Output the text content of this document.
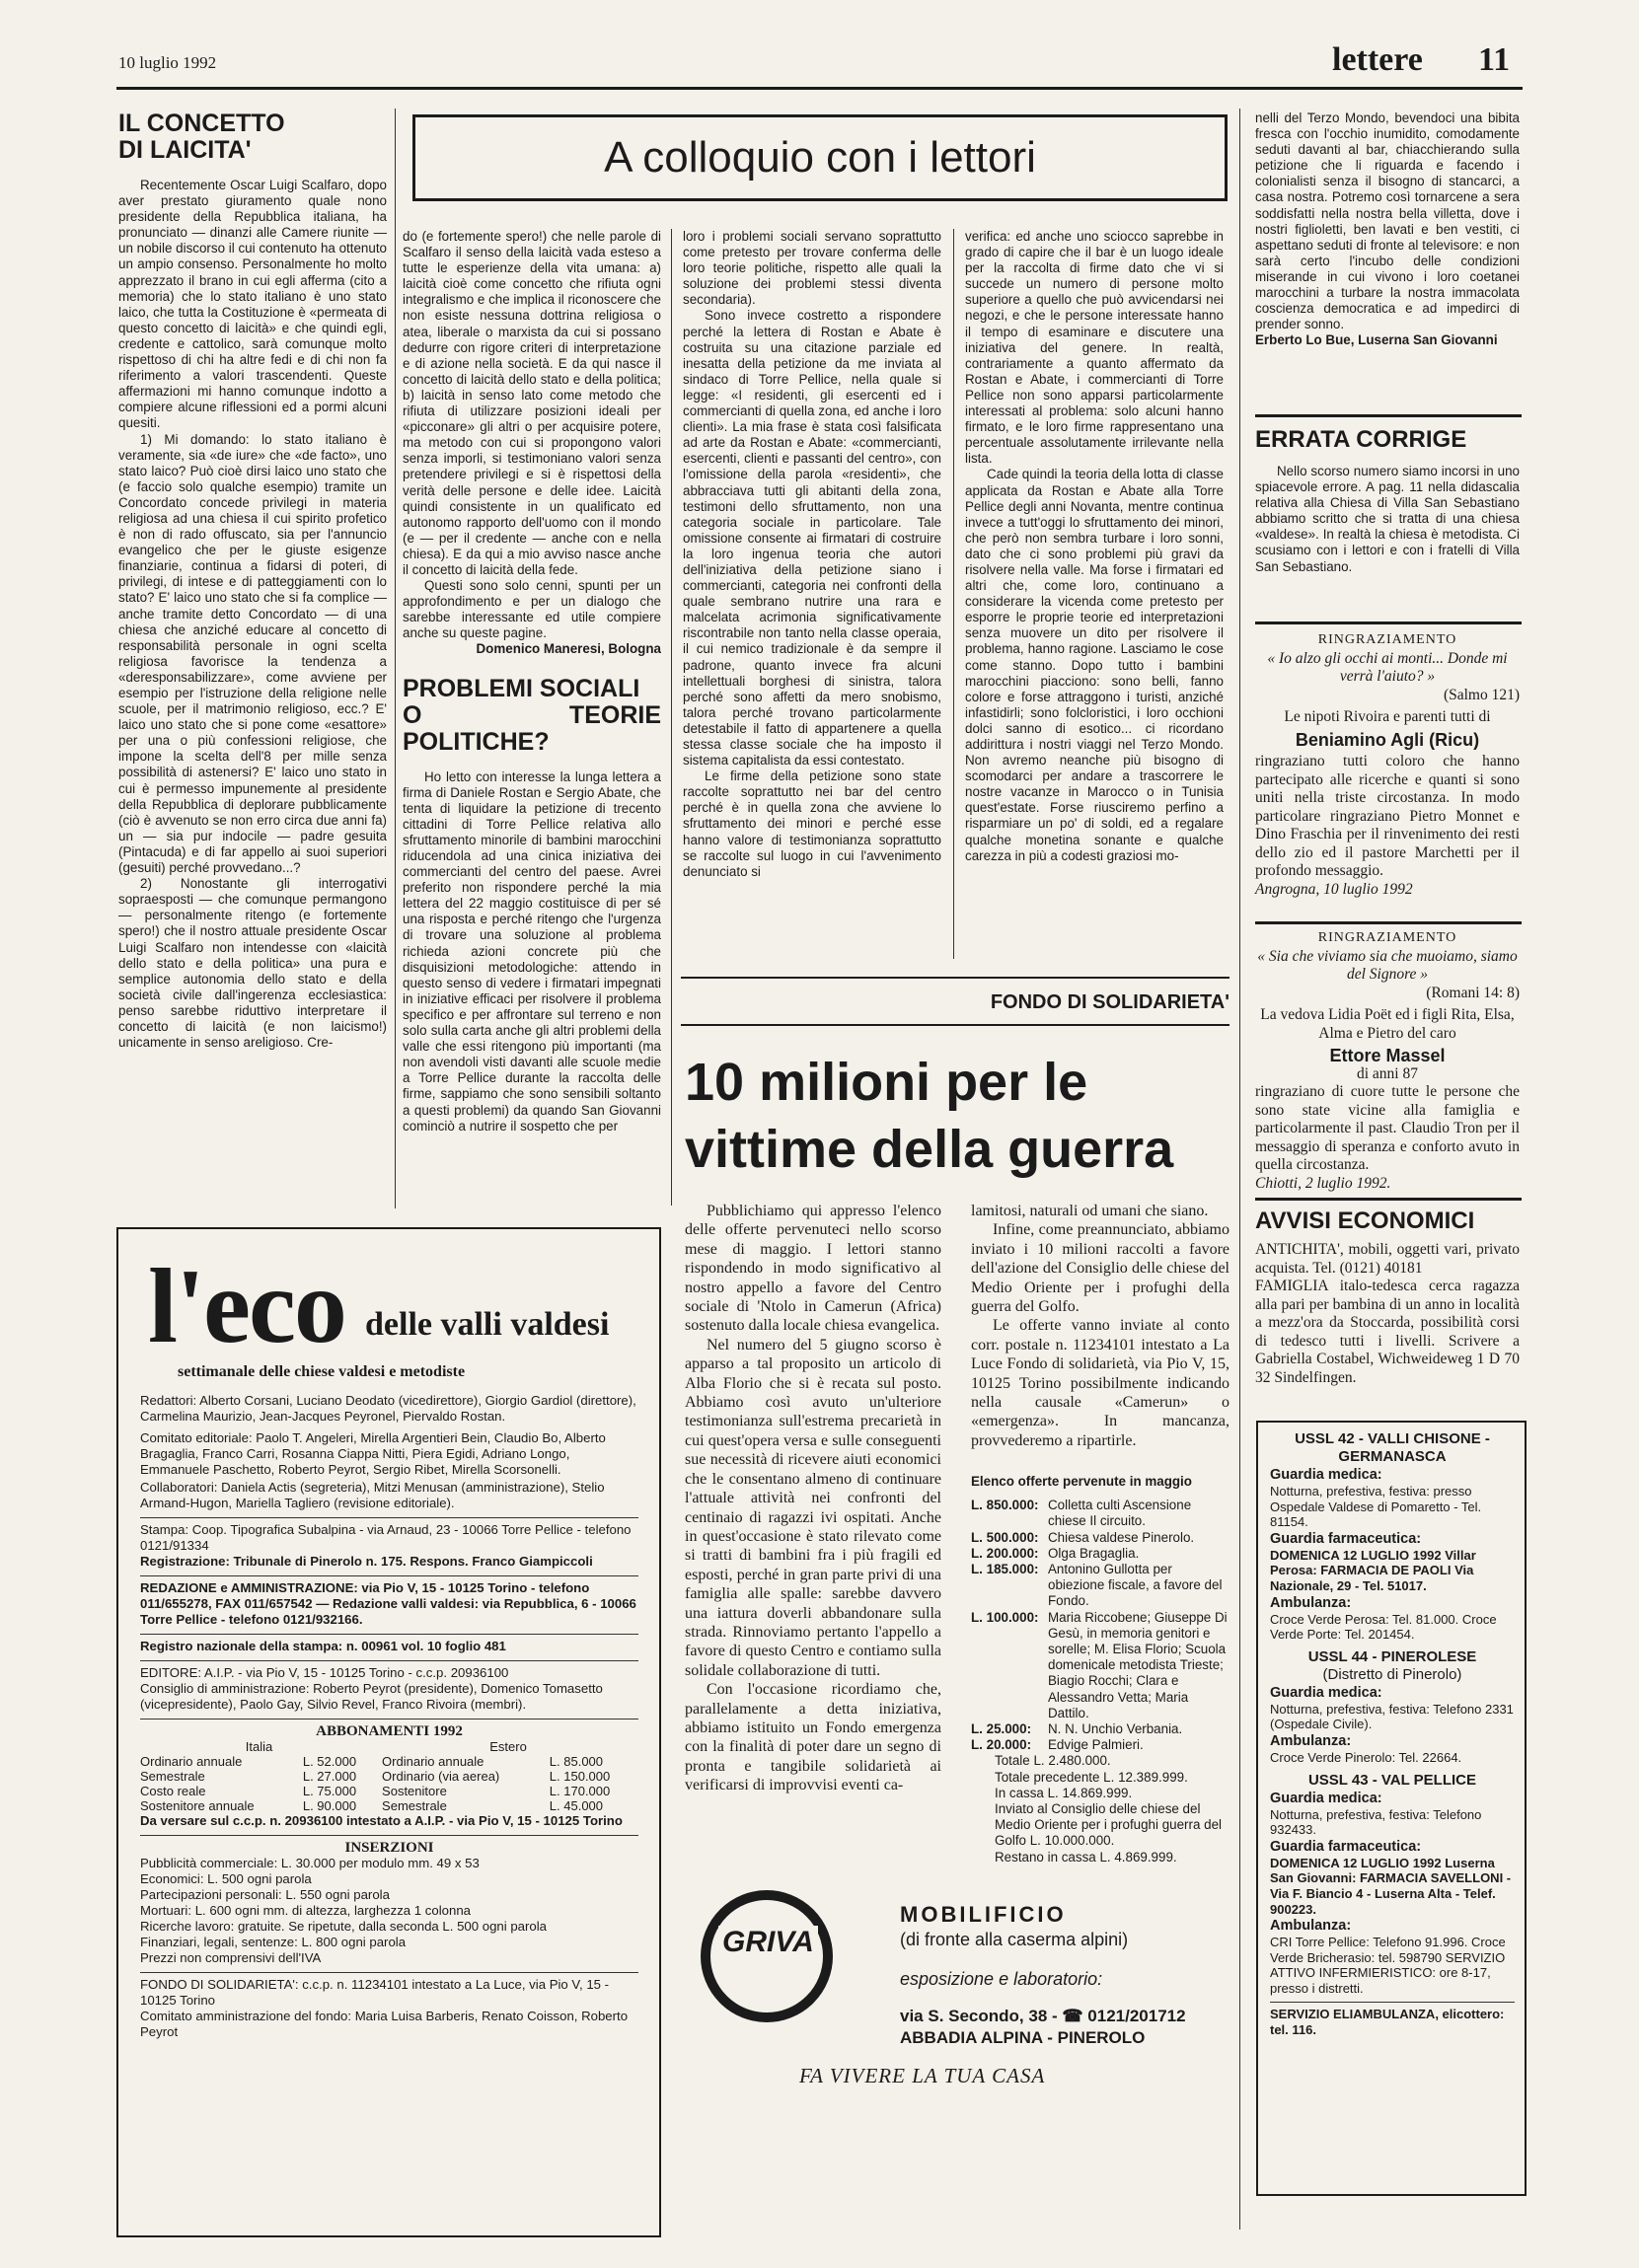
10 luglio 1992	lettere 11
A colloquio con i lettori
IL CONCETTO
DI LAICITA'

Recentemente Oscar Luigi Scalfaro, dopo aver prestato giuramento quale nono presidente della Repubblica italiana, ha pronunciato — dinanzi alle Camere riunite — un nobile discorso il cui contenuto ha ottenuto un ampio consenso. Personalmente ho molto apprezzato il brano in cui egli afferma (cito a memoria) che lo stato italiano è uno stato laico, che tutta la Costituzione è «permeata di questo concetto di laicità» e che quindi egli, credente e cattolico, sarà comunque molto rispettoso di chi ha altre fedi e di chi non fa riferimento a valori trascendenti. Queste affermazioni mi hanno comunque indotto a compiere alcune riflessioni ed a pormi alcuni quesiti.

1) Mi domando: lo stato italiano è veramente, sia «de iure» che «de facto», uno stato laico? Può cioè dirsi laico uno stato che (e faccio solo qualche esempio) tramite un Concordato concede privilegi in materia religiosa ad una chiesa il cui spirito profetico è non di rado offuscato, sia per l'annuncio evangelico che per le giuste esigenze finanziarie, continua a fidarsi di poteri, di privilegi, di intese e di patteggiamenti con lo stato? E' laico uno stato che si fa complice — anche tramite detto Concordato — di una chiesa che anziché educare al concetto di responsabilità personale in ogni scelta religiosa favorisce la tendenza a «deresponsabilizzare», come avviene per esempio per l'istruzione della religione nelle scuole, per il matrimonio religioso, ecc.? E' laico uno stato che si pone come «esattore» per una o più confessioni religiose, che impone la scelta dell'8 per mille senza possibilità di astenersi? E' laico uno stato in cui è permesso impunemente al presidente della Repubblica di deplorare pubblicamente (ciò è avvenuto se non erro circa due anni fa) un — sia pur indocile — padre gesuita (Pintacuda) e di far appello ai suoi superiori (gesuiti) perché provvedano...?

2) Nonostante gli interrogativi sopraesposti — che comunque permangono — personalmente ritengo (e fortemente spero!) che il nostro attuale presidente Oscar Luigi Scalfaro non intendesse con «laicità dello stato e della politica» una pura e semplice autonomia dello stato e della società civile dall'ingerenza ecclesiastica: penso sarebbe riduttivo interpretare il concetto di laicità (e non laicismo!) unicamente in senso areligioso. Cre-

do (e fortemente spero!) che nelle parole di Scalfaro il senso della laicità vada esteso a tutte le esperienze della vita umana: a) laicità cioè come concetto che rifiuta ogni integralismo e che implica il riconoscere che non esiste nessuna dottrina religiosa o atea, liberale o marxista da cui si possano dedurre con rigore criteri di interpretazione e di azione nella società. E da qui nasce il concetto di laicità dello stato e della politica; b) laicità in senso lato come metodo che rifiuta di utilizzare posizioni ideali per «picconare» gli altri o per acquisire potere, ma metodo con cui si propongono valori senza imporli, si testimoniano valori senza pretendere privilegi e si è rispettosi della verità delle persone e delle idee. Laicità quindi consistente in un qualificato ed autonomo rapporto dell'uomo con il mondo (e — per il credente — anche con e nella chiesa). E da qui a mio avviso nasce anche il concetto di laicità della fede.

Questi sono solo cenni, spunti per un approfondimento e per un dialogo che sarebbe interessante ed utile compiere anche su queste pagine.

Domenico Maneresi, Bologna

PROBLEMI SOCIALI
O TEORIE POLITICHE?

Ho letto con interesse la lunga lettera a firma di Daniele Rostan e Sergio Abate, che tenta di liquidare la petizione di trecento cittadini di Torre Pellice relativa allo sfruttamento minorile di bambini marocchini riducendola ad una cinica iniziativa dei commercianti del centro del paese. Avrei preferito non rispondere perché la mia lettera del 22 maggio costituisce di per sé una risposta e perché ritengo che l'urgenza di trovare una soluzione al problema richieda azioni concrete più che disquisizioni metodologiche: attendo in questo senso di vedere i firmatari impegnati in iniziative efficaci per risolvere il problema specifico e per affrontare sul terreno e non solo sulla carta anche gli altri problemi della valle che essi ritengono più importanti (ma non avendoli visti davanti alle scuole medie a Torre Pellice durante la raccolta delle firme, sappiamo che sono sensibili soltanto a questi problemi) da quando San Giovanni cominciò a nutrire il sospetto che per

loro i problemi sociali servano soprattutto come pretesto per trovare conferma delle loro teorie politiche, rispetto alle quali la soluzione dei problemi stessi diventa secondaria).

Sono invece costretto a rispondere perché la lettera di Rostan e Abate è costruita su una citazione parziale ed inesatta della petizione da me inviata al sindaco di Torre Pellice, nella quale si legge: «I residenti, gli esercenti ed i commercianti di quella zona, ed anche i loro clienti». La mia frase è stata così falsificata ad arte da Rostan e Abate: «commercianti, esercenti, clienti e passanti del centro», con l'omissione della parola «residenti», che abbracciava tutti gli abitanti della zona, testimoni dello sfruttamento, non una categoria sociale in particolare. Tale omissione consente ai firmatari di costruire la loro ingenua teoria che autori dell'iniziativa della petizione siano i commercianti, categoria nei confronti della quale sembrano nutrire una rara e malcelata acrimonia significativamente riscontrabile non tanto nella classe operaia, il cui nemico tradizionale è da sempre il padrone, quanto invece fra alcuni intellettuali borghesi di sinistra, talora perché sono affetti da mero snobismo, talora perché trovano particolarmente detestabile il fatto di appartenere a quella stessa classe sociale che ha imposto il sistema capitalista da essi contestato.

Le firme della petizione sono state raccolte soprattutto nei bar del centro perché è in quella zona che avviene lo sfruttamento dei minori e perché esse hanno valore di testimonianza soprattutto se raccolte sul luogo in cui l'avvenimento denunciato si

verifica: ed anche uno sciocco saprebbe in grado di capire che il bar è un luogo ideale per la raccolta di firme dato che vi si succede un numero di persone molto superiore a quello che può avvicendarsi nei negozi, e che le persone interessate hanno il tempo di esaminare e discutere una iniziativa del genere. In realtà, contrariamente a quanto affermato da Rostan e Abate, i commercianti di Torre Pellice non sono apparsi particolarmente interessati al problema: solo alcuni hanno firmato, e le loro firme rappresentano una percentuale assolutamente irrilevante nella lista.

Cade quindi la teoria della lotta di classe applicata da Rostan e Abate alla Torre Pellice degli anni Novanta, mentre continua invece a tutt'oggi lo sfruttamento dei minori, che però non sembra turbare i loro sonni, dato che ci sono problemi più gravi da risolvere nella valle. Ma forse i firmatari ed altri che, come loro, continuano a considerare la vicenda come pretesto per esporre le proprie teorie ed interpretazioni senza muovere un dito per risolvere il problema, hanno ragione. Lasciamo le cose come stanno. Dopo tutto i bambini marocchini piacciono: sono belli, fanno colore e forse attraggono i turisti, anziché infastidirli; sono folcloristici, i loro occhioni dolci sanno di esotico... ci ricordano addirittura i nostri viaggi nel Terzo Mondo. Non avremo neanche più bisogno di scomodarci per andare a trascorrere le nostre vacanze in Marocco o in Tunisia quest'estate. Forse riusciremo perfino a risparmiare un po' di soldi, ed a regalare qualche monetina sonante e qualche carezza in più a codesti graziosi mo-

FONDO DI SOLIDARIETA'
10 milioni per le
vittime della guerra

Pubblichiamo qui appresso l'elenco delle offerte pervenuteci nello scorso mese di maggio. I lettori stanno rispondendo in modo significativo al nostro appello a favore del Centro sociale di 'Ntolo in Camerun (Africa) sostenuto dalla locale chiesa evangelica.

Nel numero del 5 giugno scorso è apparso a tal proposito un articolo di Alba Florio che si è recata sul posto. Abbiamo così avuto un'ulteriore testimonianza sull'estrema precarietà in cui quest'opera versa e sulle conseguenti sue necessità di ricevere aiuti economici che le consentano almeno di continuare l'attuale attività nei confronti del centinaio di ragazzi ivi ospitati. Anche in quest'occasione è stato rilevato come si tratti di bambini fra i più fragili ed esposti, perché in gran parte privi di una famiglia alle spalle: sarebbe davvero una iattura doverli abbandonare sulla strada. Rinnoviamo pertanto l'appello a favore di questo Centro e contiamo sulla solidale collaborazione di tutti.

Con l'occasione ricordiamo che, parallelamente a detta iniziativa, abbiamo istituito un Fondo emergenza con la finalità di poter dare un segno di pronta e tangibile solidarietà ai verificarsi di improvvisi eventi ca-

lamitosi, naturali od umani che siano.

Infine, come preannunciato, abbiamo inviato i 10 milioni raccolti a favore dell'azione del Consiglio delle chiese del Medio Oriente per i profughi della guerra del Golfo.

Le offerte vanno inviate al conto corr. postale n. 11234101 intestato a La Luce Fondo di solidarietà, via Pio V, 15, 10125 Torino possibilmente indicando nella causale «Camerun» o «emergenza». In mancanza, provvederemo a ripartirle.

Elenco offerte pervenute in maggio
L. 850.000: Colletta culti Ascensione chiese Il circuito.
L. 500.000: Chiesa valdese Pinerolo.
L. 200.000: Olga Bragaglia.
L. 185.000: Antonino Gullotta per obiezione fiscale, a favore del Fondo.
L. 100.000: Maria Riccobene; Giuseppe Di Gesù, in memoria genitori e sorelle; M. Elisa Florio; Scuola domenicale metodista Trieste; Biagio Rocchi; Clara e Alessandro Vetta; Maria Dattilo.
L. 25.000:	N. N. Unchio Verbania.
L. 20.000:	Edvige Palmieri.
Totale L. 2.480.000.
Totale precedente L. 12.389.999.
In cassa L. 14.869.999.
Inviato al Consiglio delle chiese del Medio Oriente per i profughi guerra del Golfo L. 10.000.000.
Restano in cassa L. 4.869.999.
l'eco delle valli valdesi
settimanale delle chiese valdesi e metodiste
Redattori: Alberto Corsani, Luciano Deodato (vicedirettore), Giorgio Gardiol (direttore), Carmelina Maurizio, Jean-Jacques Peyronel, Piervaldo Rostan.
Comitato editoriale: Paolo T. Angeleri, Mirella Argentieri Bein, Claudio Bo, Alberto Bragaglia, Franco Carri, Rosanna Ciappa Nitti, Piera Egidi, Adriano Longo, Emmanuele Paschetto, Roberto Peyrot, Sergio Ribet, Mirella Scorsonelli.
Collaboratori: Daniela Actis (segreteria), Mitzi Menusan (amministrazione), Stelio Armand-Hugon, Mariella Tagliero (revisione editoriale).
Stampa: Coop. Tipografica Subalpina - via Arnaud, 23 - 10066 Torre Pellice - telefono 0121/91334
Registrazione: Tribunale di Pinerolo n. 175. Respons. Franco Giampiccoli
REDAZIONE e AMMINISTRAZIONE: via Pio V, 15 - 10125 Torino - telefono 011/655278, FAX 011/657542 — Redazione valli valdesi: via Repubblica, 6 - 10066 Torre Pellice - telefono 0121/932166.
Registro nazionale della stampa: n. 00961 vol. 10 foglio 481
EDITORE: A.I.P. - via Pio V, 15 - 10125 Torino - c.c.p. 20936100
Consiglio di amministrazione: Roberto Peyrot (presidente), Domenico Tomasetto (vicepresidente), Paolo Gay, Silvio Revel, Franco Rivoira (membri).
ABBONAMENTI 1992
Italia		Estero	
Ordinario annuale	L. 52.000	Ordinario annuale	L. 85.000
Semestrale	L. 27.000	Ordinario (via aerea)	L. 150.000
Costo reale	L. 75.000	Sostenitore	L. 170.000
Sostenitore annuale	L. 90.000	Semestrale	L. 45.000
Da versare sul c.c.p. n. 20936100 intestato a A.I.P. - via Pio V, 15 - 10125 Torino
INSERZIONI
Pubblicità commerciale: L. 30.000 per modulo mm. 49 x 53
Economici: L. 500 ogni parola
Partecipazioni personali: L. 550 ogni parola
Mortuari: L. 600 ogni mm. di altezza, larghezza 1 colonna
Ricerche lavoro: gratuite. Se ripetute, dalla seconda L. 500 ogni parola
Finanziari, legali, sentenze: L. 800 ogni parola
Prezzi non comprensivi dell'IVA
FONDO DI SOLIDARIETA': c.c.p. n. 11234101 intestato a La Luce, via Pio V, 15 - 10125 Torino
Comitato amministrazione del fondo: Maria Luisa Barberis, Renato Coisson, Roberto Peyrot
GRIVA
MOBILIFICIO
(di fronte alla caserma alpini)
esposizione e laboratorio:
via S. Secondo, 38 - ☎ 0121/201712
ABBADIA ALPINA - PINEROLO
FA VIVERE LA TUA CASA

nelli del Terzo Mondo, bevendoci una bibita fresca con l'occhio inumidito, comodamente seduti davanti al bar, chiacchierando sulla petizione che li riguarda e facendo i colonialisti senza il bisogno di stancarci, a casa nostra. Potremo così tornarcene a sera soddisfatti nella nostra bella villetta, dove i nostri figlioletti, ben lavati e ben vestiti, ci aspettano seduti di fronte al televisore: e non sarà certo l'incubo delle condizioni miserande in cui vivono i loro coetanei marocchini a turbare la nostra immacolata coscienza democratica e ad impedirci di prender sonno.

Erberto Lo Bue, Luserna San Giovanni

ERRATA CORRIGE

Nello scorso numero siamo incorsi in uno spiacevole errore. A pag. 11 nella didascalia relativa alla Chiesa di Villa San Sebastiano abbiamo scritto che si tratta di una chiesa «valdese». In realtà la chiesa è metodista. Ci scusiamo con i lettori e con i fratelli di Villa San Sebastiano.

RINGRAZIAMENTO
« Io alzo gli occhi ai monti... Donde mi verrà l'aiuto? »
(Salmo 121)
Le nipoti Rivoira e parenti tutti di
Beniamino Agli (Ricu)
ringraziano tutti coloro che hanno partecipato alle ricerche e quanti si sono uniti nella triste circostanza. In modo particolare ringraziano Pietro Monnet e Dino Fraschia per il rinvenimento dei resti dello zio ed il pastore Marchetti per il profondo messaggio.
Angrogna, 10 luglio 1992
RINGRAZIAMENTO
« Sia che viviamo sia che muoiamo, siamo del Signore »
(Romani 14: 8)
La vedova Lidia Poët ed i figli Rita, Elsa, Alma e Pietro del caro
Ettore Massel
di anni 87
ringraziano di cuore tutte le persone che sono state vicine alla famiglia e particolarmente il past. Claudio Tron per il messaggio di speranza e conforto avuto in quella circostanza.
Chiotti, 2 luglio 1992.
AVVISI ECONOMICI
ANTICHITA', mobili, oggetti vari, privato acquista. Tel. (0121) 40181
FAMIGLIA italo-tedesca cerca ragazza alla pari per bambina di un anno in località a mezz'ora da Stoccarda, possibilità corsi di tedesco tutti i livelli. Scrivere a Gabriella Costabel, Wichweideweg 1 D 70 32 Sindelfingen.
USSL 42 - VALLI CHISONE - GERMANASCA
Guardia medica:
Notturna, prefestiva, festiva: presso Ospedale Valdese di Pomaretto - Tel. 81154.
Guardia farmaceutica:
DOMENICA 12 LUGLIO 1992 Villar Perosa: FARMACIA DE PAOLI Via Nazionale, 29 - Tel. 51017.
Ambulanza:
Croce Verde Perosa: Tel. 81.000. Croce Verde Porte: Tel. 201454.
USSL 44 - PINEROLESE
(Distretto di Pinerolo)
Guardia medica:
Notturna, prefestiva, festiva: Telefono 2331 (Ospedale Civile).
Ambulanza:
Croce Verde Pinerolo: Tel. 22664.
USSL 43 - VAL PELLICE
Guardia medica:
Notturna, prefestiva, festiva: Telefono 932433.
Guardia farmaceutica:
DOMENICA 12 LUGLIO 1992 Luserna San Giovanni: FARMACIA SAVELLONI - Via F. Biancio 4 - Luserna Alta - Telef. 900223.
Ambulanza:
CRI Torre Pellice: Telefono 91.996. Croce Verde Bricherasio: tel. 598790 SERVIZIO ATTIVO INFERMIERISTICO: ore 8-17, presso i distretti.
SERVIZIO ELIAMBULANZA, elicottero: tel. 116.
